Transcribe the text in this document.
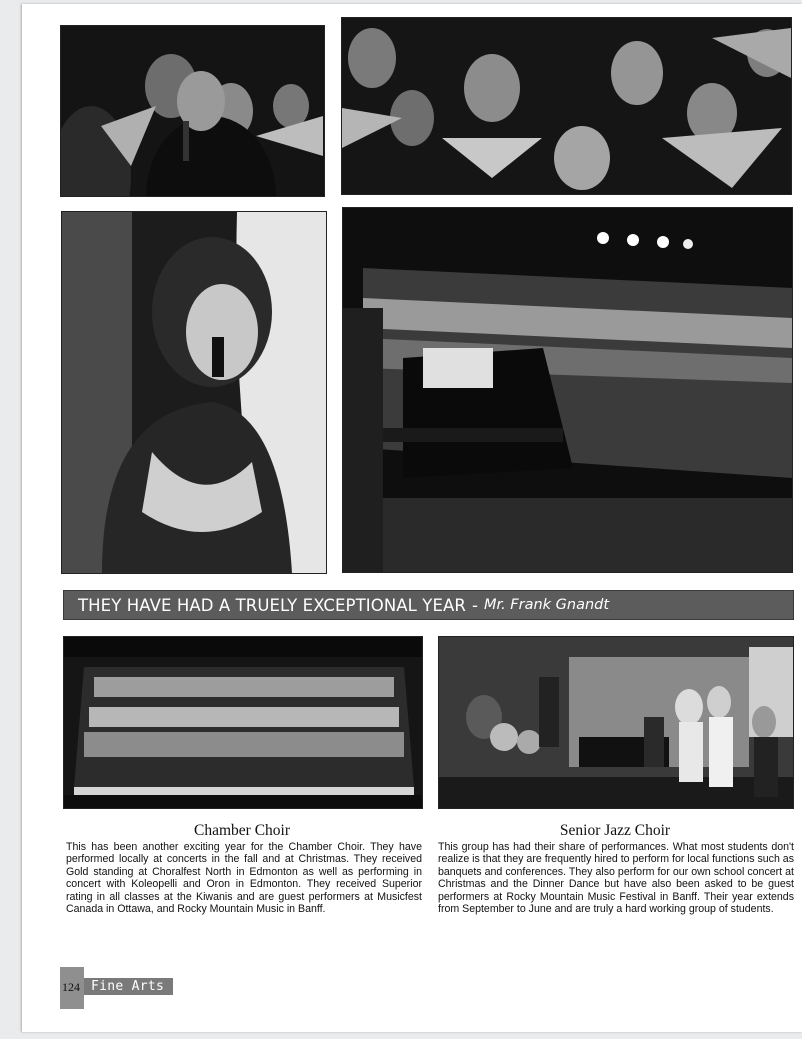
THEY HAVE HAD A TRUELY EXCEPTIONAL YEAR - Mr. Frank Gnandt
Chamber Choir
This has been another exciting year for the Chamber Choir. They have performed locally at concerts in the fall and at Christmas. They received Gold standing at Choralfest North in Edmonton as well as performing in concert with Koleopelli and Oron in Edmonton. They received Superior rating in all classes at the Kiwanis and are guest performers at Musicfest Canada in Ottawa, and Rocky Mountain Music in Banff.
Senior Jazz Choir
This group has had their share of performances. What most students don't realize is that they are frequently hired to perform for local functions such as banquets and conferences. They also perform for our own school concert at Christmas and the Dinner Dance but have also been asked to be guest performers at Rocky Mountain Music Festival in Banff. Their year extends from September to June and are truly a hard working group of students.
124 Fine Arts
